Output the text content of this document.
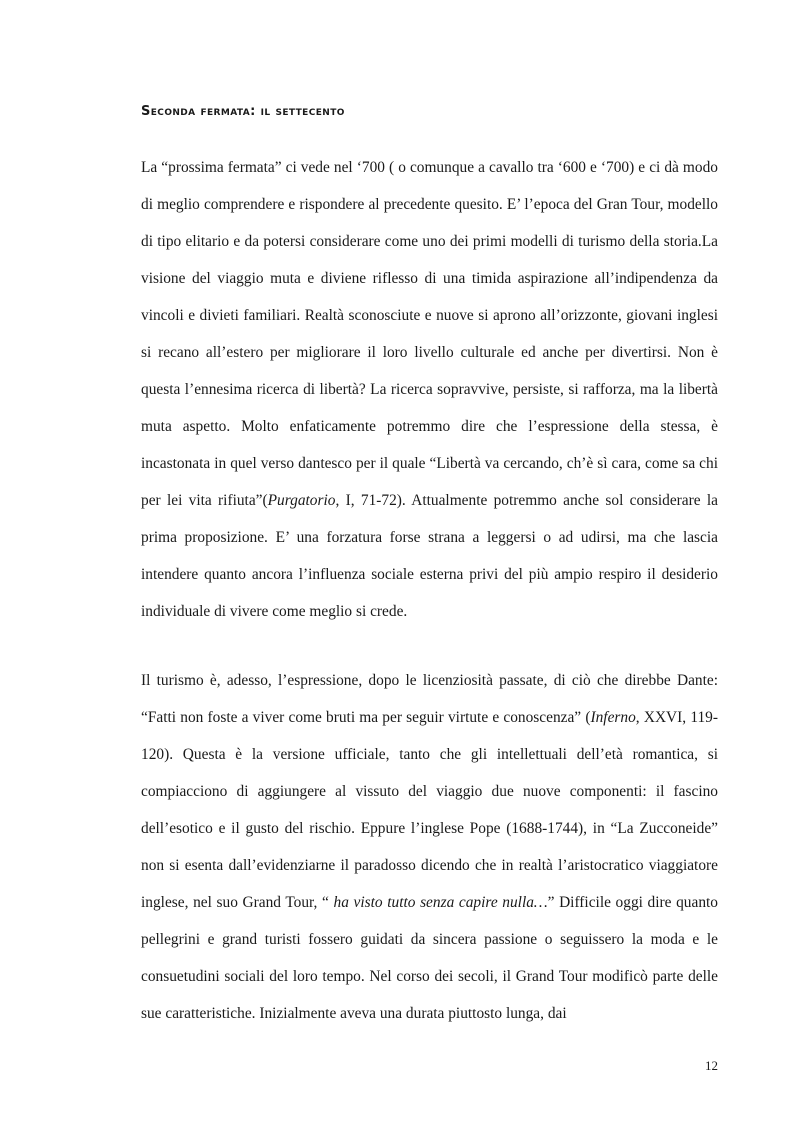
Seconda fermata: il settecento

La “prossima fermata” ci vede nel ‘700 ( o comunque a cavallo tra ‘600 e ‘700) e ci dà modo di meglio comprendere e rispondere al precedente quesito. E’ l’epoca del Gran Tour, modello di tipo elitario e da potersi considerare come uno dei primi modelli di turismo della storia.La visione del viaggio muta e diviene riflesso di una timida aspirazione all’indipendenza da vincoli e divieti familiari. Realtà sconosciute e nuove si aprono all’orizzonte, giovani inglesi si recano all’estero per migliorare il loro livello culturale ed anche per divertirsi. Non è questa l’ennesima ricerca di libertà? La ricerca sopravvive, persiste, si rafforza, ma la libertà muta aspetto. Molto enfaticamente potremmo dire che l’espressione della stessa, è incastonata in quel verso dantesco per il quale “Libertà va cercando, ch’è sì cara, come sa chi per lei vita rifiuta”(Purgatorio, I, 71-72). Attualmente potremmo anche sol considerare la prima proposizione. E’ una forzatura forse strana a leggersi o ad udirsi, ma che lascia intendere quanto ancora l’influenza sociale esterna privi del più ampio respiro il desiderio individuale di vivere come meglio si crede.

Il turismo è, adesso, l’espressione, dopo le licenziosità passate, di ciò che direbbe Dante: “Fatti non foste a viver come bruti ma per seguir virtute e conoscenza” (Inferno, XXVI, 119-120). Questa è la versione ufficiale, tanto che gli intellettuali dell’età romantica, si compiacciono di aggiungere al vissuto del viaggio due nuove componenti: il fascino dell’esotico e il gusto del rischio. Eppure l’inglese Pope (1688-1744), in “La Zucconeide” non si esenta dall’evidenziarne il paradosso dicendo che in realtà l’aristocratico viaggiatore inglese, nel suo Grand Tour, “ ha visto tutto senza capire nulla…” Difficile oggi dire quanto pellegrini e grand turisti fossero guidati da sincera passione o seguissero la moda e le consuetudini sociali del loro tempo. Nel corso dei secoli, il Grand Tour modificò parte delle sue caratteristiche. Inizialmente aveva una durata piuttosto lunga, dai

12
